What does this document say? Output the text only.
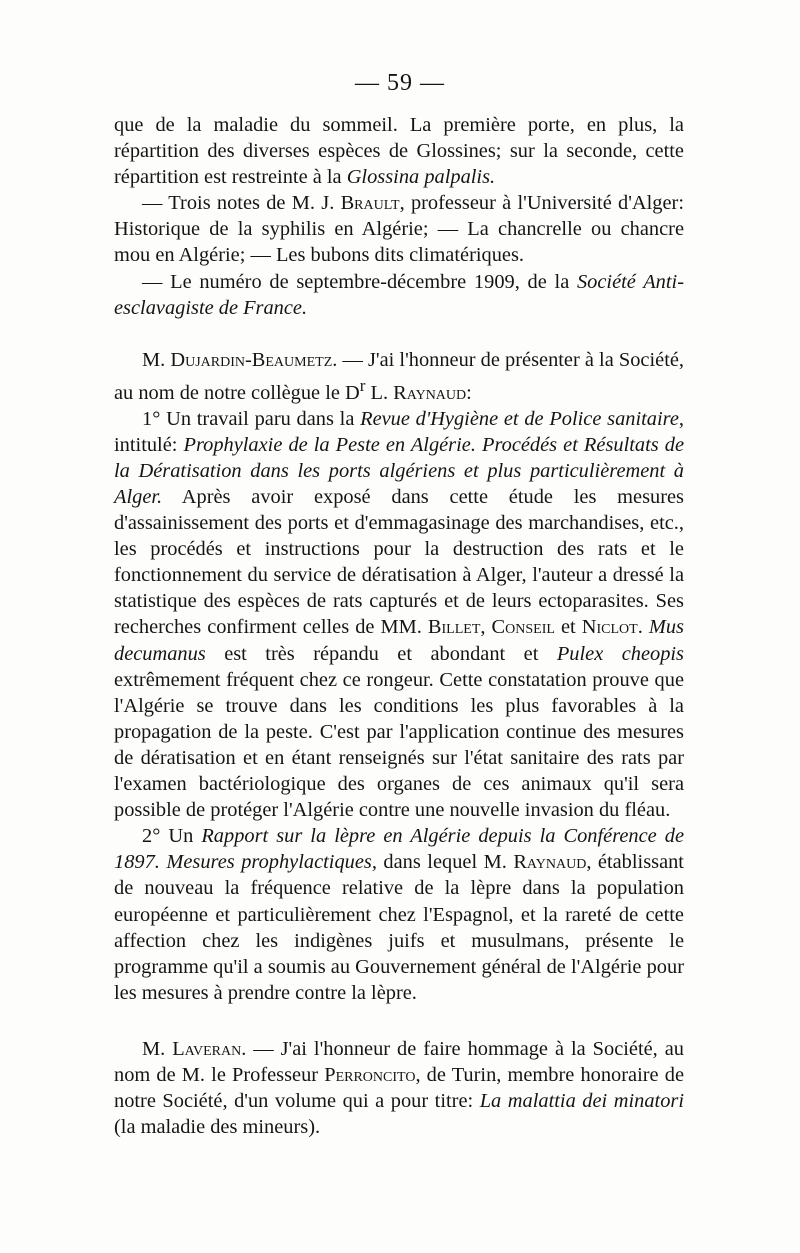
— 59 —

que de la maladie du sommeil. La première porte, en plus, la répartition des diverses espèces de Glossines; sur la seconde, cette répartition est restreinte à la Glossina palpalis.

— Trois notes de M. J. Brault, professeur à l'Université d'Alger: Historique de la syphilis en Algérie; — La chancrelle ou chancre mou en Algérie; — Les bubons dits climatériques.

— Le numéro de septembre-décembre 1909, de la Société Anti-esclavagiste de France.

M. Dujardin-Beaumetz. — J'ai l'honneur de présenter à la Société, au nom de notre collègue le $D^r$ L. Raynaud:

1° Un travail paru dans la Revue d'Hygiène et de Police sanitaire, intitulé: Prophylaxie de la Peste en Algérie. Procédés et Résultats de la Dératisation dans les ports algériens et plus particulièrement à Alger. Après avoir exposé dans cette étude les mesures d'assainissement des ports et d'emmagasinage des marchandises, etc., les procédés et instructions pour la destruction des rats et le fonctionnement du service de dératisation à Alger, l'auteur a dressé la statistique des espèces de rats capturés et de leurs ectoparasites. Ses recherches confirment celles de MM. Billet, Conseil et Niclot. Mus decumanus est très répandu et abondant et Pulex cheopis extrêmement fréquent chez ce rongeur. Cette constatation prouve que l'Algérie se trouve dans les conditions les plus favorables à la propagation de la peste. C'est par l'application continue des mesures de dératisation et en étant renseignés sur l'état sanitaire des rats par l'examen bactériologique des organes de ces animaux qu'il sera possible de protéger l'Algérie contre une nouvelle invasion du fléau.

2° Un Rapport sur la lèpre en Algérie depuis la Conférence de 1897. Mesures prophylactiques, dans lequel M. Raynaud, établissant de nouveau la fréquence relative de la lèpre dans la population européenne et particulièrement chez l'Espagnol, et la rareté de cette affection chez les indigènes juifs et musulmans, présente le programme qu'il a soumis au Gouvernement général de l'Algérie pour les mesures à prendre contre la lèpre.

M. Laveran. — J'ai l'honneur de faire hommage à la Société, au nom de M. le Professeur Perroncito, de Turin, membre honoraire de notre Société, d'un volume qui a pour titre: La malattia dei minatori (la maladie des mineurs).
